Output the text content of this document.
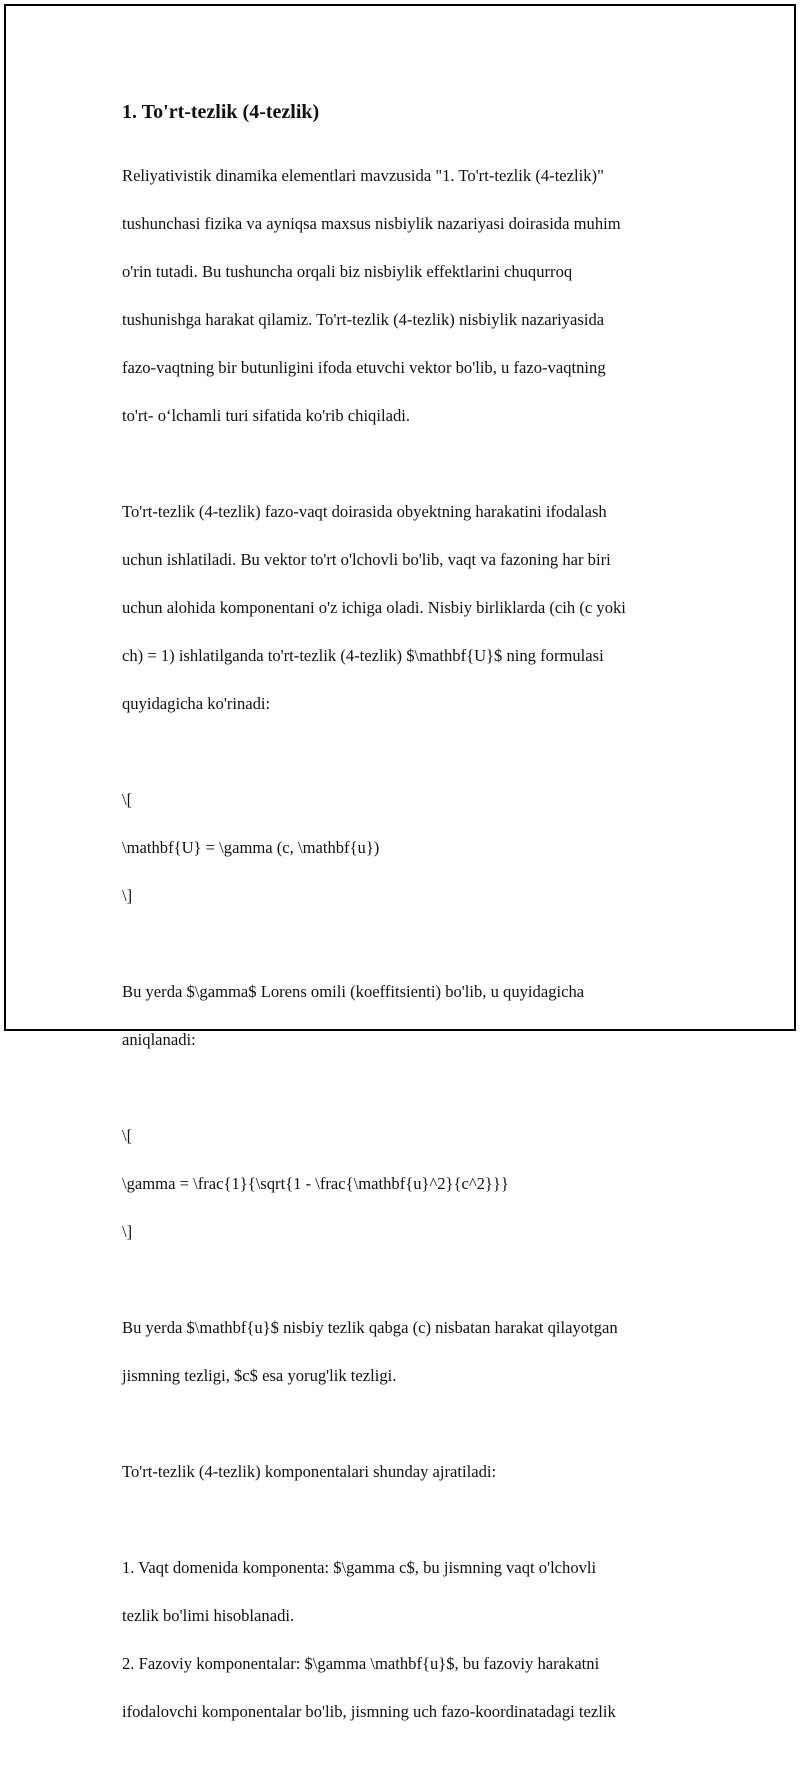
1. To'rt-tezlik (4-tezlik)

Reliyativistik dinamika elementlari mavzusida "1. To'rt-tezlik (4-tezlik)"

tushunchasi fizika va ayniqsa maxsus nisbiylik nazariyasi doirasida muhim

o'rin tutadi. Bu tushuncha orqali biz nisbiylik effektlarini chuqurroq

tushunishga harakat qilamiz. To'rt-tezlik (4-tezlik) nisbiylik nazariyasida

fazo-vaqtning bir butunligini ifoda etuvchi vektor bo'lib, u fazo-vaqtning

to'rt- o‘lchamli turi sifatida ko'rib chiqiladi.

To'rt-tezlik (4-tezlik) fazo-vaqt doirasida obyektning harakatini ifodalash

uchun ishlatiladi. Bu vektor to'rt o'lchovli bo'lib, vaqt va fazoning har biri

uchun alohida komponentani o'z ichiga oladi. Nisbiy birliklarda (cih (c yoki

ch) = 1) ishlatilganda to'rt-tezlik (4-tezlik) $\mathbf{U}$ ning formulasi

quyidagicha ko'rinadi:

\[

\mathbf{U} = \gamma (c, \mathbf{u})

\]

Bu yerda $\gamma$ Lorens omili (koeffitsienti) bo'lib, u quyidagicha

aniqlanadi:

\[

\gamma = \frac{1}{\sqrt{1 - \frac{\mathbf{u}^2}{c^2}}}

\]

Bu yerda $\mathbf{u}$ nisbiy tezlik qabga (c) nisbatan harakat qilayotgan

jismning tezligi, $c$ esa yorug'lik tezligi.

To'rt-tezlik (4-tezlik) komponentalari shunday ajratiladi:

1. Vaqt domenida komponenta: $\gamma c$, bu jismning vaqt o'lchovli

tezlik bo'limi hisoblanadi.

2. Fazoviy komponentalar: $\gamma \mathbf{u}$, bu fazoviy harakatni

ifodalovchi komponentalar bo'lib, jismning uch fazo-koordinatadagi tezlik
